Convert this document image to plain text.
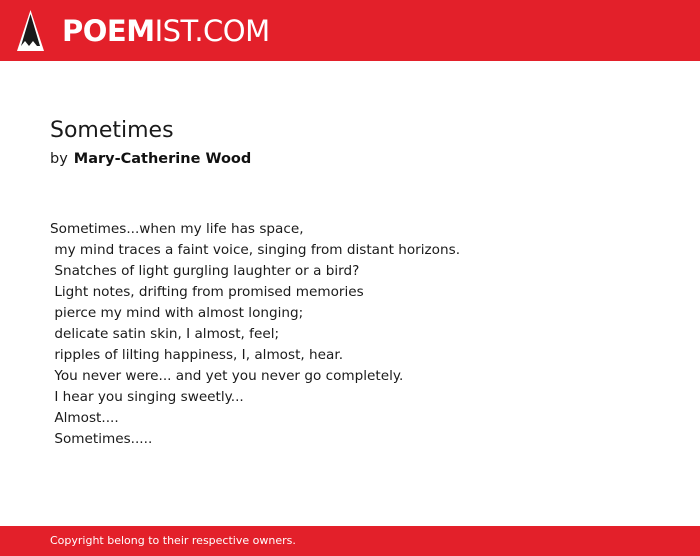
POEMIST.COM
Sometimes
by Mary-Catherine Wood
Sometimes...when my life has space,
my mind traces a faint voice, singing from distant horizons.
Snatches of light gurgling laughter or a bird?
Light notes, drifting from promised memories
pierce my mind with almost longing;
delicate satin skin, I almost, feel;
ripples of lilting happiness, I, almost, hear.
You never were... and yet you never go completely.
I hear you singing sweetly...
Almost....
Sometimes.....
Copyright belong to their respective owners.
